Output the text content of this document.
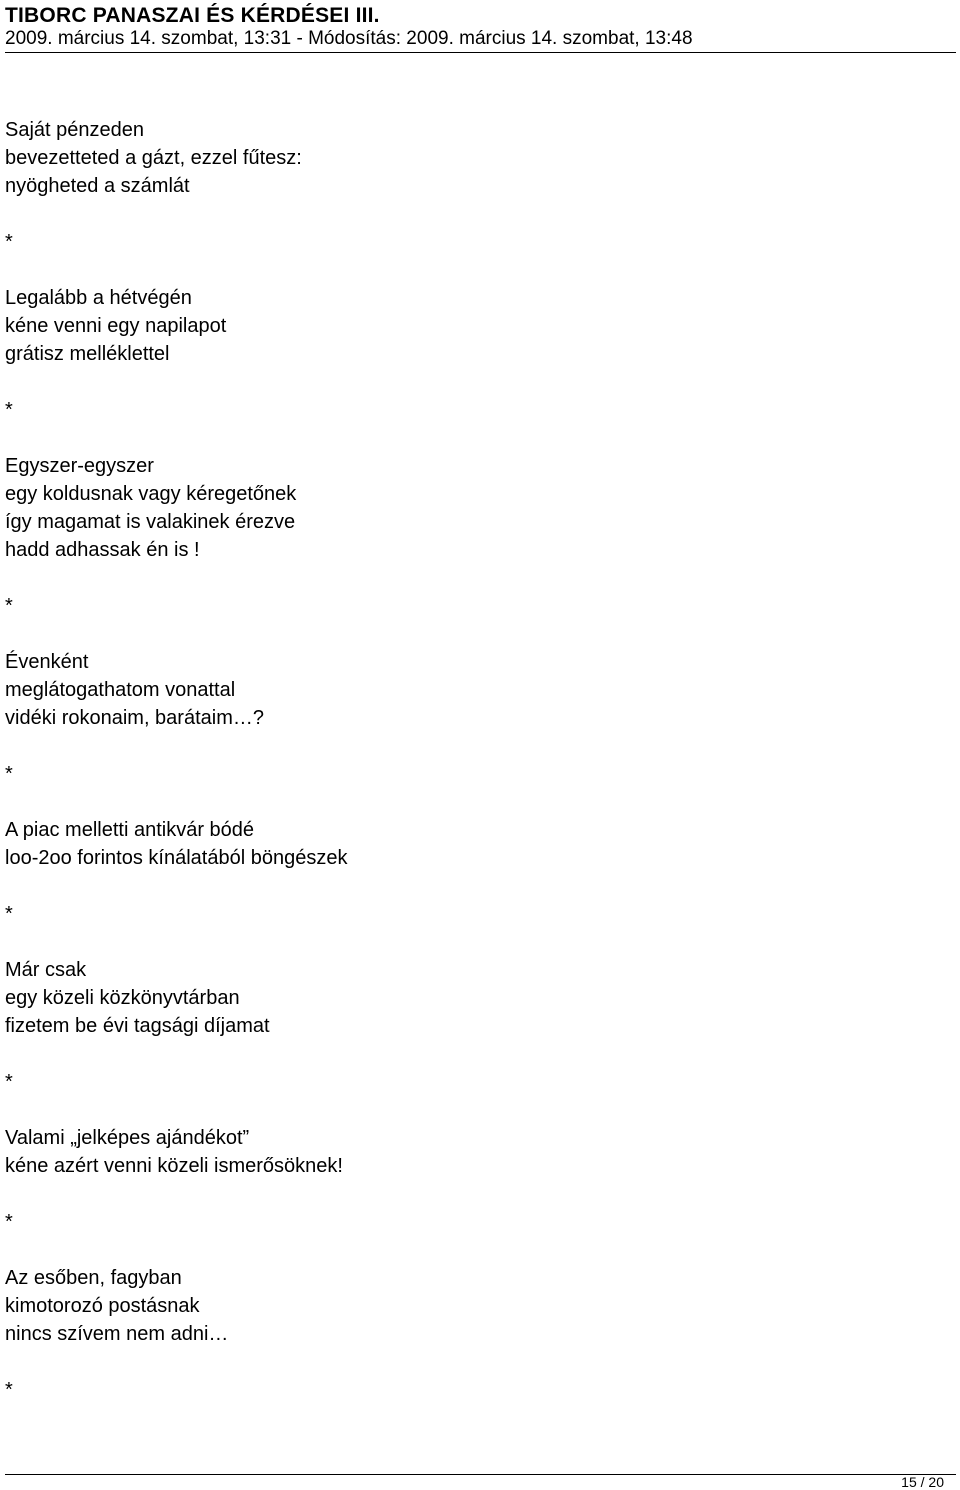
TIBORC PANASZAI ÉS KÉRDÉSEI III.

2009. március 14. szombat, 13:31 - Módosítás: 2009. március 14. szombat, 13:48

Saját pénzeden
bevezetteted a gázt, ezzel fűtesz:
nyögheted a számlát
*
Legalább a hétvégén
kéne venni egy napilapot
grátisz melléklettel
*
Egyszer-egyszer
egy koldusnak vagy kéregetőnek
így magamat is valakinek érezve
hadd adhassak én is !
*
Évenként
meglátogathatom vonattal
vidéki rokonaim, barátaim…?
*
A piac melletti antikvár bódé
loo-2oo forintos kínálatából böngészek
*
Már csak
egy közeli közkönyvtárban
fizetem be évi tagsági díjamat
*
Valami „jelképes ajándékot”
kéne azért venni közeli ismerősöknek!
*
Az esőben, fagyban
kimotorozó postásnak
nincs szívem nem adni…
*
15 / 20
